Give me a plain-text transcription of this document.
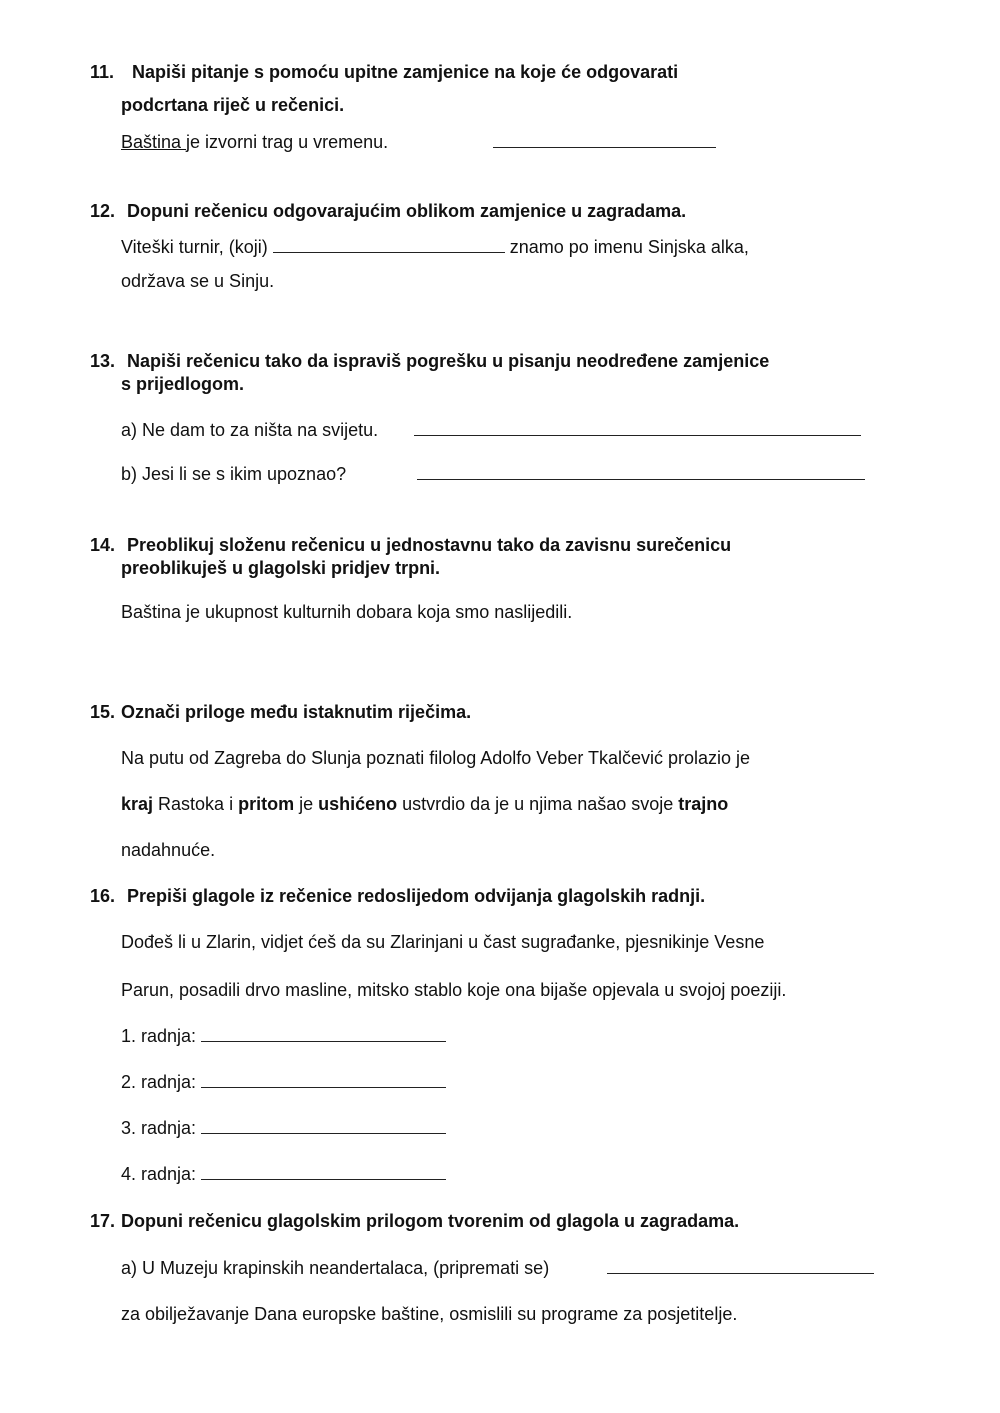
11. Napiši pitanje s pomoću upitne zamjenice na koje će odgovarati
podcrtana riječ u rečenici.
Baština je izvorni trag u vremenu.
12. Dopuni rečenicu odgovarajućim oblikom zamjenice u zagradama.
Viteški turnir, (koji)	znamo po imenu Sinjska alka,
održava se u Sinju.
13. Napiši rečenicu tako da ispraviš pogrešku u pisanju neodređene zamjenice
s prijedlogom.
a) Ne dam to za ništa na svijetu.
b) Jesi li se s ikim upoznao?
14. Preoblikuj složenu rečenicu u jednostavnu tako da zavisnu surečenicu
preoblikuješ u glagolski pridjev trpni.
Baština je ukupnost kulturnih dobara koja smo naslijedili.
15. Označi priloge među istaknutim riječima.
Na putu od Zagreba do Slunja poznati filolog Adolfo Veber Tkalčević prolazio je
kraj Rastoka i pritom je ushićeno ustvrdio da je u njima našao svoje trajno
nadahnuće.
16. Prepiši glagole iz rečenice redoslijedom odvijanja glagolskih radnji.
Dođeš li u Zlarin, vidjet ćeš da su Zlarinjani u čast sugrađanke, pjesnikinje Vesne
Parun, posadili drvo masline, mitsko stablo koje ona bijaše opjevala u svojoj poeziji.
1. radnja:
2. radnja:
3. radnja:
4. radnja:
17. Dopuni rečenicu glagolskim prilogom tvorenim od glagola u zagradama.
a) U Muzeju krapinskih neandertalaca, (pripremati se)
za obilježavanje Dana europske baštine, osmislili su programe za posjetitelje.
